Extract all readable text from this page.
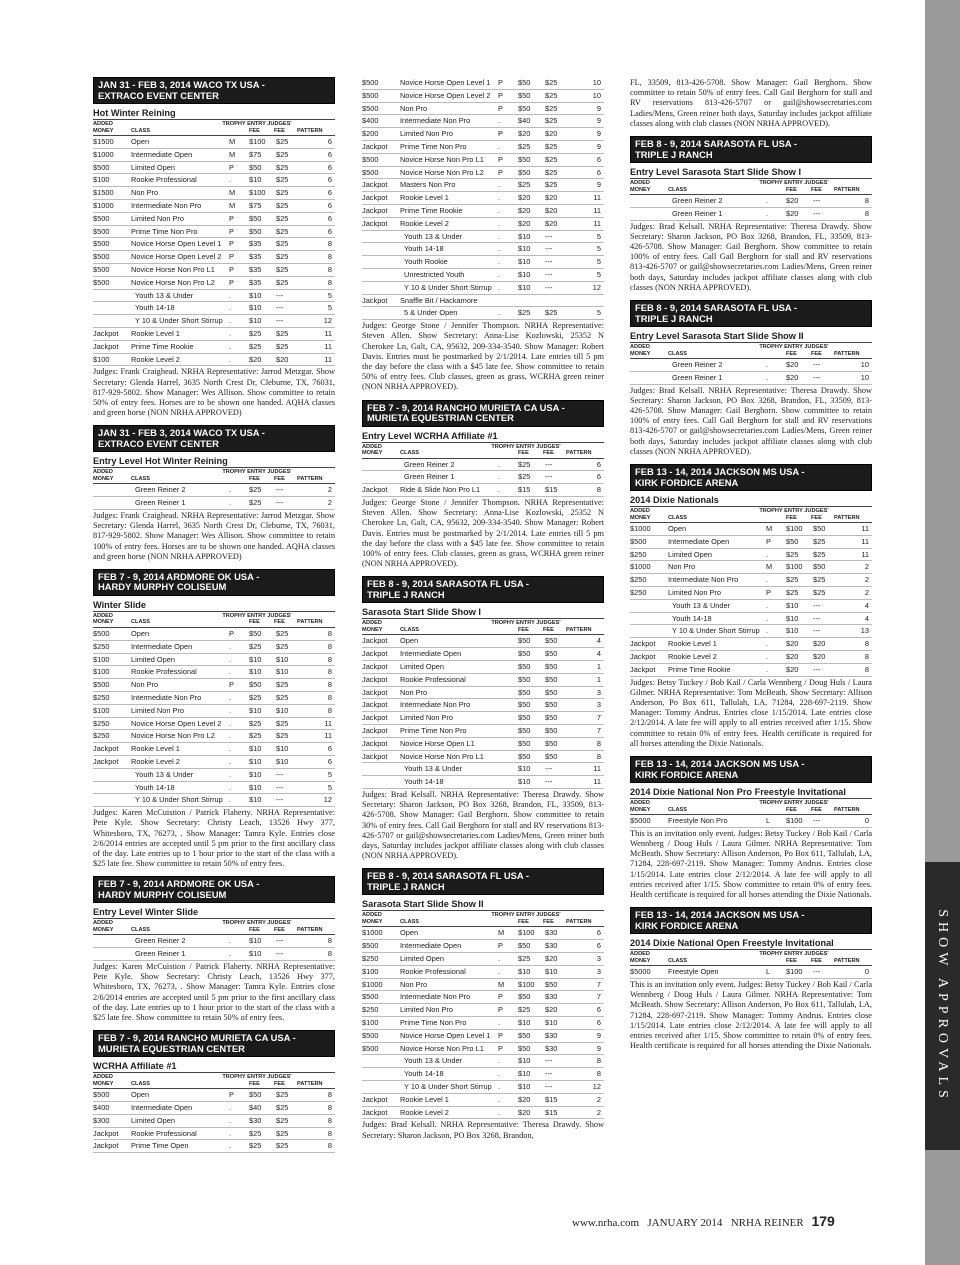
SHOW APPROVALS
JAN 31 - FEB 3, 2014 WACO TX USA -
EXTRACO EVENT CENTER
Hot Winter Reining
ADDED
MONEY	CLASS
TROPHY ENTRY JUDGES'
FEE	FEE PATTERN
$1500 Open	M $100 $25	6
$1000 Intermediate Open	M $75 $25	6
$500	Limited Open	P $50 $25	6
$100	Rookie Professional	. $10 $25	6
$1500 Non Pro	M $100 $25	6
$1000 Intermediate Non Pro	M $75 $25	6
$500	Limited Non Pro	P $50 $25	6
$500	Prime Time Non Pro	P $50 $25	6
$500	Novice Horse Open Level 1 P $35 $25	8
$500	Novice Horse Open Level 2 P $35 $25	8
$500	Novice Horse Non Pro L1 P $35 $25	8
$500	Novice Horse Non Pro L2 P $35 $25	8
Youth 13 & Under	. $10 ---	5
Youth 14-18	. $10 ---	5
Y 10 & Under Short Stirrup . $10 ---	12
Jackpot Rookie Level 1	. $25 $25	11
Jackpot Prime Time Rookie	. $25 $25	11
$100	Rookie Level 2	. $20 $20	11
Judges: Frank Craighead. NRHA Representative: Jarrod Metzgar. Show Secretary: Glenda Harrel, 3635 North Crest Dr, Cleburne, TX, 76031, 817-929-5802. Show Manager: Wes Allison. Show committee to retain 50% of entry fees. Horses are to be shown one handed. AQHA classes and green horse (NON NRHA APPROVED)
JAN 31 - FEB 3, 2014 WACO TX USA -
EXTRACO EVENT CENTER
Entry Level Hot Winter Reining
ADDED
MONEY	CLASS
TROPHY ENTRY JUDGES'
FEE	FEE PATTERN
Green Reiner 2	. $25 ---	2
Green Reiner 1	. $25 ---	2
Judges: Frank Craighead. NRHA Representative: Jarrod Metzgar. Show Secretary: Glenda Harrel, 3635 North Crest Dr, Cleburne, TX, 76031, 817-929-5802. Show Manager: Wes Allison. Show committee to retain 100% of entry fees. Horses are to be shown one handed. AQHA classes and green horse (NON NRHA APPROVED)
FEB 7 - 9, 2014 ARDMORE OK USA -
HARDY MURPHY COLISEUM
Winter Slide
ADDED
MONEY	CLASS
TROPHY ENTRY JUDGES'
FEE	FEE PATTERN
$500	Open	P $50 $25	8
$250	Intermediate Open	. $25 $25	8
$100	Limited Open	. $10 $10	8
$100	Rookie Professional	. $10 $10	8
$500	Non Pro	P $50 $25	8
$250	Intermediate Non Pro	. $25 $25	8
$100	Limited Non Pro	. $10 $10	8
$250	Novice Horse Open Level 2 . $25 $25	11
$250	Novice Horse Non Pro L2 . $25 $25	11
Jackpot Rookie Level 1	. $10 $10	6
Jackpot Rookie Level 2	. $10 $10	6
Youth 13 & Under	. $10 ---	5
Youth 14-18	. $10 ---	5
Y 10 & Under Short Stirrup . $10 ---	12
Judges: Karen McCuistion / Patrick Flaherty. NRHA Representative: Pete Kyle. Show Secretary: Christy Leach, 13526 Hwy 377, Whitesboro, TX, 76273, . Show Manager: Tamra Kyle. Entries close 2/6/2014 entries are accepted until 5 pm prior to the first ancillary class of the day. Late entries up to 1 hour prior to the start of the class with a $25 late fee. Show committee to retain 50% of entry fees.
FEB 7 - 9, 2014 ARDMORE OK USA -
HARDY MURPHY COLISEUM
Entry Level Winter Slide
ADDED
MONEY	CLASS
TROPHY ENTRY JUDGES'
FEE	FEE PATTERN
Green Reiner 2	. $10 ---	8
Green Reiner 1	. $10 ---	8
Judges: Karen McCuistion / Patrick Flaherty. NRHA Representative: Pete Kyle. Show Secretary: Christy Leach, 13526 Hwy 377, Whitesboro, TX, 76273, . Show Manager: Tamra Kyle. Entries close 2/6/2014 entries are accepted until 5 pm prior to the first ancillary class of the day. Late entries up to 1 hour prior to the start of the class with a $25 late fee. Show committee to retain 50% of entry fees.
FEB 7 - 9, 2014 RANCHO MURIETA CA USA -
MURIETA EQUESTRIAN CENTER
WCRHA Affiliate #1
ADDED
MONEY	CLASS
TROPHY ENTRY JUDGES'
FEE	FEE PATTERN
$500	Open	P $50 $25	8
$400	Intermediate Open	. $40 $25	8
$300	Limited Open	. $30 $25	8
Jackpot Rookie Professional	. $25 $25	8
Jackpot Prime Time Open	. $25 $25	8
$500	Novice Horse Open Level 1 P $50 $25	10
$500	Novice Horse Open Level 2 P $50 $25	10
$500	Non Pro	P $50 $25	9
$400	Intermediate Non Pro	. $40 $25	9
$200	Limited Non Pro	P $20 $20	9
Jackpot Prime Time Non Pro	. $25 $25	9
$500	Novice Horse Non Pro L1 P $50 $25	6
$500	Novice Horse Non Pro L2 P $50 $25	6
Jackpot Masters Non Pro	. $25 $25	9
Jackpot Rookie Level 1	. $20 $20	11
Jackpot Prime Time Rookie	. $20 $20	11
Jackpot Rookie Level 2	. $20 $20	11
Youth 13 & Under	. $10 ---	5
Youth 14-18	. $10 ---	5
Youth Rookie	. $10 ---	5
Unrestricted Youth	. $10 ---	5
Y 10 & Under Short Stirrup . $10 ---	12
Jackpot Snaffle Bit / Hackamore
5 & Under Open	. $25 $25	5
Judges: George Stone / Jennifer Thompson. NRHA Representative: Steven Allen. Show Secretary: Anna-Lise Kozlowski, 25352 N Cherokee Ln, Galt, CA, 95632, 209-334-3540. Show Manager: Robert Davis. Entries must be postmarked by 2/1/2014. Late entries till 5 pm the day before the class with a $45 late fee. Show committee to retain 50% of entry fees. Club classes, green as grass, WCRHA green reiner (NON NRHA APPROVED).
FEB 7 - 9, 2014 RANCHO MURIETA CA USA -
MURIETA EQUESTRIAN CENTER
Entry Level WCRHA Affiliate #1
ADDED
MONEY	CLASS
TROPHY ENTRY JUDGES'
FEE	FEE PATTERN
Green Reiner 2	. $25 ---	6
Green Reiner 1	. $25 ---	6
Jackpot Ride & Slide Non Pro L1 . $15 $15	8
Judges: George Stone / Jennifer Thompson. NRHA Representative: Steven Allen. Show Secretary: Anna-Lise Kozlowski, 25352 N Cherokee Ln, Galt, CA, 95632, 209-334-3540. Show Manager: Robert Davis. Entries must be postmarked by 2/1/2014. Late entries till 5 pm the day before the class with a $45 late fee. Show committee to retain 100% of entry fees. Club classes, green as grass, WCRHA green reiner (NON NRHA APPROVED).
FEB 8 - 9, 2014 SARASOTA FL USA -
TRIPLE J RANCH
Sarasota Start Slide Show I
ADDED
MONEY	CLASS
TROPHY ENTRY JUDGES'
FEE	FEE PATTERN
Jackpot Open	$50 $50	4
Jackpot Intermediate Open	$50 $50	4
Jackpot Limited Open	$50 $50	1
Jackpot Rookie Professional	$50 $50	1
Jackpot Non Pro	$50 $50	3
Jackpot Intermediate Non Pro	$50 $50	3
Jackpot Limited Non Pro	$50 $50	7
Jackpot Prime Time Non Pro	$50 $50	7
Jackpot Novice Horse Open L1	$50 $50	8
Jackpot Novice Horse Non Pro L1	$50 $50	8
Youth 13 & Under	$10 ---	11
Youth 14-18	$10 ---	11
Judges: Brad Kelsall. NRHA Representative: Theresa Drawdy. Show Secretary: Sharon Jackson, PO Box 3268, Brandon, FL, 33509, 813-426-5708. Show Manager: Gail Berghorn. Show committee to retain 30% of entry fees. Call Gail Berghorn for stall and RV reservations 813-426-5707 or gail@showsecretaries.com Ladies/Mens, Green reiner both days, Saturday includes jackpot affiliate classes along with club classes (NON NRHA APPROVED).
FEB 8 - 9, 2014 SARASOTA FL USA -
TRIPLE J RANCH
Sarasota Start Slide Show II
ADDED
MONEY	CLASS
TROPHY ENTRY JUDGES'
FEE	FEE PATTERN
$1000 Open	M $100 $30	6
$500	Intermediate Open	P $50 $30	6
$250	Limited Open	. $25 $20	3
$100	Rookie Professional	. $10 $10	3
$1000 Non Pro	M $100 $50	7
$500	Intermediate Non Pro	P $50 $30	7
$250	Limited Non Pro	P $25 $20	6
$100	Prime Time Non Pro	. $10 $10	6
$500	Novice Horse Open Level 1 P $50 $30	9
$500	Novice Horse Non Pro L1 P $50 $30	9
Youth 13 & Under	. $10 ---	8
Youth 14-18	. $10 ---	8
Y 10 & Under Short Stirrup . $10 ---	12
Jackpot Rookie Level 1	. $20 $15	2
Jackpot Rookie Level 2	. $20 $15	2
Judges: Brad Kelsall. NRHA Representative: Theresa Drawdy. Show Secretary: Sharon Jackson, PO Box 3268, Brandon,
FL, 33509, 813-426-5708. Show Manager: Gail Berghorn. Show committee to retain 50% of entry fees. Call Gail Berghorn for stall and RV reservations 813-426-5707 or gail@showsecretaries.com Ladies/Mens, Green reiner both days, Saturday includes jackpot affiliate classes along with club classes (NON NRHA APPROVED).
FEB 8 - 9, 2014 SARASOTA FL USA -
TRIPLE J RANCH
Entry Level Sarasota Start Slide Show I
ADDED
MONEY	CLASS
TROPHY ENTRY JUDGES'
FEE	FEE PATTERN
Green Reiner 2	. $20 ---	8
Green Reiner 1	. $20 ---	8
Judges: Brad Kelsall. NRHA Representative: Theresa Drawdy. Show Secretary: Sharon Jackson, PO Box 3268, Brandon, FL, 33509, 813-426-5708. Show Manager: Gail Berghorn. Show committee to retain 100% of entry fees. Call Gail Berghorn for stall and RV reservations 813-426-5707 or gail@showsecretaries.com Ladies/Mens, Green reiner both days, Saturday includes jackpot affiliate classes along with club classes (NON NRHA APPROVED).
FEB 8 - 9, 2014 SARASOTA FL USA -
TRIPLE J RANCH
Entry Level Sarasota Start Slide Show II
ADDED
MONEY	CLASS
TROPHY ENTRY JUDGES'
FEE	FEE PATTERN
Green Reiner 2	. $20 ---	10
Green Reiner 1	. $20 ---	10
Judges: Brad Kelsall. NRHA Representative: Theresa Drawdy. Show Secretary: Sharon Jackson, PO Box 3268, Brandon, FL, 33509, 813-426-5708. Show Manager: Gail Berghorn. Show committee to retain 100% of entry fees. Call Gail Berghorn for stall and RV reservations 813-426-5707 or gail@showsecretaries.com Ladies/Mens, Green reiner both days, Saturday includes jackpot affiliate classes along with club classes (NON NRHA APPROVED).
FEB 13 - 14, 2014 JACKSON MS USA -
KIRK FORDICE ARENA
2014 Dixie Nationals
ADDED
MONEY	CLASS
TROPHY ENTRY JUDGES'
FEE	FEE PATTERN
$1000 Open	M $100 $50	11
$500	Intermediate Open	P $50 $25	11
$250	Limited Open	. $25 $25	11
$1000 Non Pro	M $100 $50	2
$250	Intermediate Non Pro	. $25 $25	2
$250	Limited Non Pro	P $25 $25	2
Youth 13 & Under	. $10 ---	4
Youth 14-18	. $10 ---	4
Y 10 & Under Short Stirrup . $10 ---	13
Jackpot Rookie Level 1	. $20 $20	8
Jackpot Rookie Level 2	. $20 $20	8
Jackpot Prime Time Rookie	. $20 ---	8
Judges: Betsy Tuckey / Bob Kail / Carla Wennberg / Doug Huls / Laura Gilmer. NRHA Representative: Tom McBeath. Show Secretary: Allison Anderson, Po Box 611, Tallulah, LA, 71284, 228-697-2119. Show Manager: Tommy Andrus. Entries close 1/15/2014. Late entries close 2/12/2014. A late fee will apply to all entries received after 1/15. Show committee to retain 0% of entry fees. Health certificate is required for all horses attending the Dixie Nationals.
FEB 13 - 14, 2014 JACKSON MS USA -
KIRK FORDICE ARENA
2014 Dixie National Non Pro Freestyle Invitational
ADDED
MONEY	CLASS
TROPHY ENTRY JUDGES'
FEE	FEE PATTERN
$5000 Freestyle Non Pro	L $100 ---	0
This is an invitation only event. Judges: Betsy Tuckey / Bob Kail / Carla Wennberg / Doug Huls / Laura Gilmer. NRHA Representative: Tom McBeath. Show Secretary: Allison Anderson, Po Box 611, Tallulah, LA, 71284, 228-697-2119. Show Manager: Tommy Andrus. Entries close 1/15/2014. Late entries close 2/12/2014. A late fee will apply to all entries received after 1/15. Show committee to retain 0% of entry fees. Health certificate is required for all horses attending the Dixie Nationals.
FEB 13 - 14, 2014 JACKSON MS USA -
KIRK FORDICE ARENA
2014 Dixie National Open Freestyle Invitational
ADDED
MONEY	CLASS
TROPHY ENTRY JUDGES'
FEE	FEE PATTERN
$5000 Freestyle Open	L $100 ---	0
This is an invitation only event. Judges: Betsy Tuckey / Bob Kail / Carla Wennberg / Doug Huls / Laura Gilmer. NRHA Representative: Tom McBeath. Show Secretary: Allison Anderson, Po Box 611, Tallulah, LA, 71284, 228-697-2119. Show Manager: Tommy Andrus. Entries close 1/15/2014. Late entries close 2/12/2014. A late fee will apply to all entries received after 1/15. Show committee to retain 0% of entry fees. Health certificate is required for all horses attending the Dixie Nationals.
www.nrha.com JANUARY 2014 NRHA REINER 179
